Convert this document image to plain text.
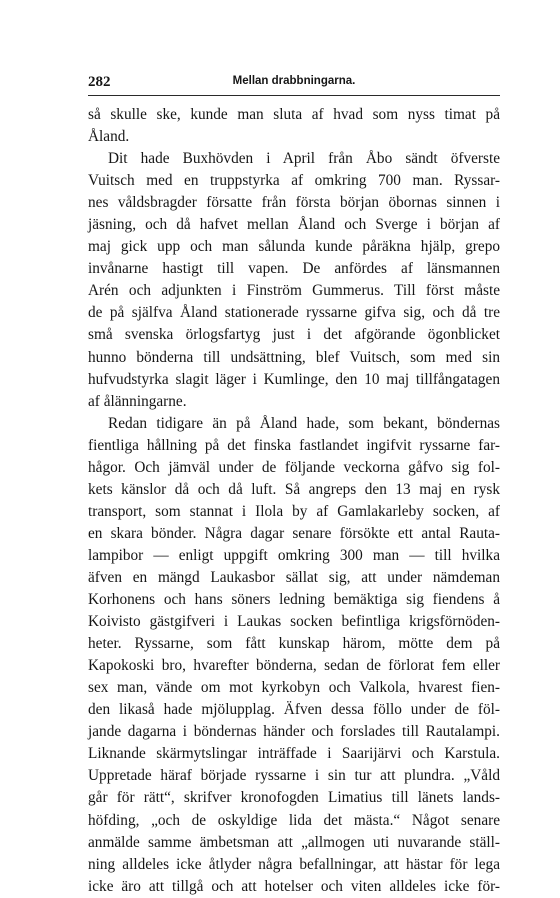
282	Mellan drabbningarna.
så skulle ske, kunde man sluta af hvad som nyss timat på
Åland.
Dit hade Buxhövden i April från Åbo sändt öfverste
Vuitsch med en truppstyrka af omkring 700 man. Ryssar-
nes våldsbragder försatte från första början öbornas sinnen i
jäsning, och då hafvet mellan Åland och Sverge i början af
maj gick upp och man sålunda kunde påräkna hjälp, grepo
invånarne hastigt till vapen. De anfördes af länsmannen
Arén och adjunkten i Finström Gummerus. Till först måste
de på själfva Åland stationerade ryssarne gifva sig, och då tre
små svenska örlogsfartyg just i det afgörande ögonblicket
hunno bönderna till undsättning, blef Vuitsch, som med sin
hufvudstyrka slagit läger i Kumlinge, den 10 maj tillfångatagen
af ålänningarne.
Redan tidigare än på Åland hade, som bekant, böndernas
fientliga hållning på det finska fastlandet ingifvit ryssarne far-
hågor. Och jämväl under de följande veckorna gåfvo sig fol-
kets känslor då och då luft. Så angreps den 13 maj en rysk
transport, som stannat i Ilola by af Gamlakarleby socken, af
en skara bönder. Några dagar senare försökte ett antal Rauta-
lampibor — enligt uppgift omkring 300 man — till hvilka
äfven en mängd Laukasbor sällat sig, att under nämdeman
Korhonens och hans söners ledning bemäktiga sig fiendens å
Koivisto gästgifveri i Laukas socken befintliga krigsförnöden-
heter. Ryssarne, som fått kunskap härom, mötte dem på
Kapokoski bro, hvarefter bönderna, sedan de förlorat fem eller
sex man, vände om mot kyrkobyn och Valkola, hvarest fien-
den likaså hade mjölupplag. Äfven dessa föllo under de föl-
jande dagarna i böndernas händer och forslades till Rautalampi.
Liknande skärmytslingar inträffade i Saarijärvi och Karstula.
Uppretade häraf började ryssarne i sin tur att plundra. „Våld
går för rätt“, skrifver kronofogden Limatius till länets lands-
höfding, „och de oskyldige lida det mästa.“ Något senare
anmälde samme ämbetsman att „allmogen uti nuvarande ställ-
ning alldeles icke åtlyder några befallningar, att hästar för lega
icke äro att tillgå och att hotelser och viten alldeles icke för-
